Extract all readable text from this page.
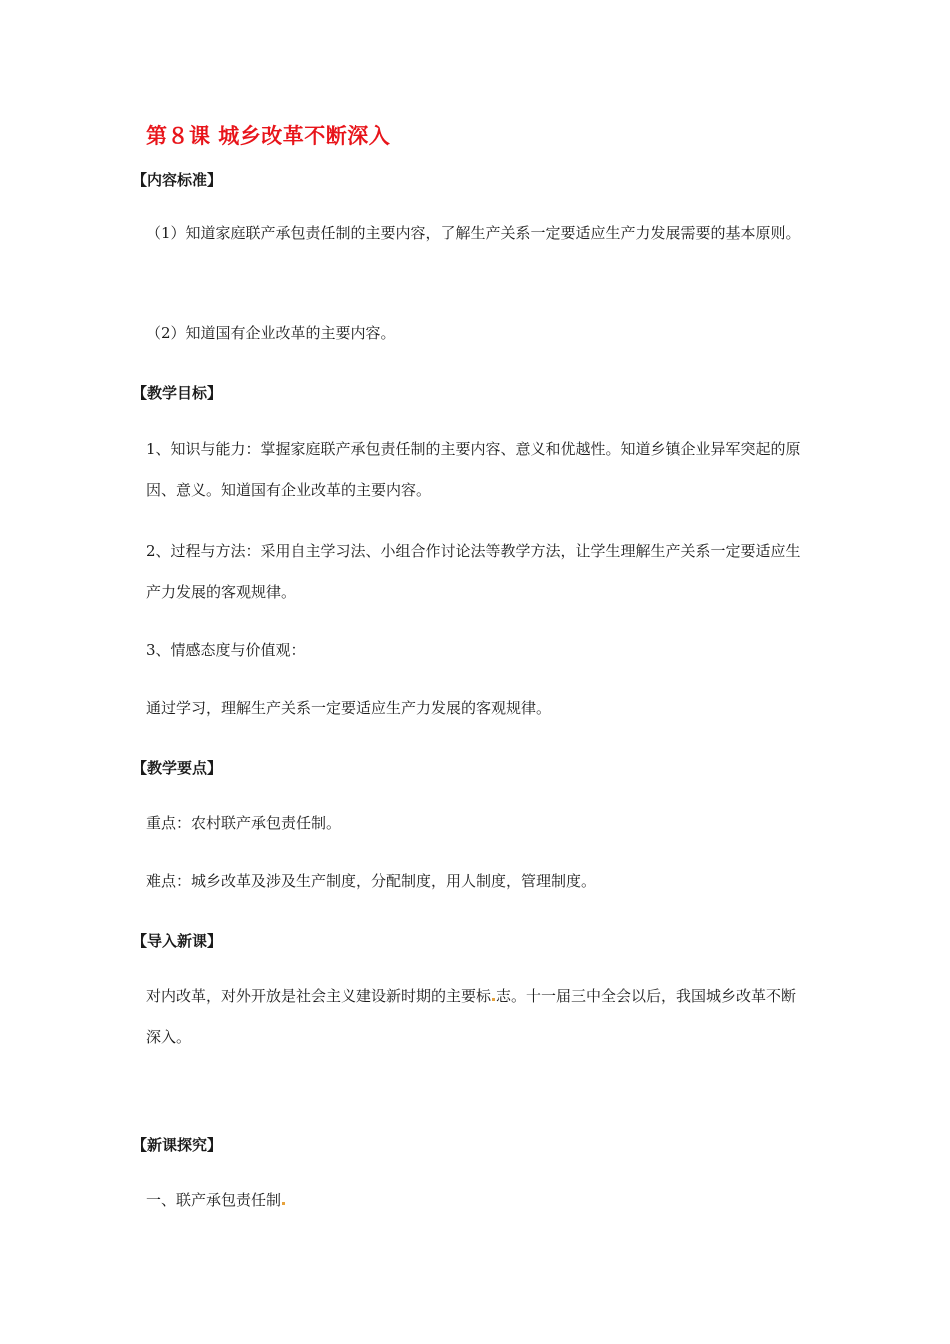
第８课 城乡改革不断深入
【内容标准】

（1）知道家庭联产承包责任制的主要内容，了解生产关系一定要适应生产力发展需要的基本原则。

（2）知道国有企业改革的主要内容。

【教学目标】

1、知识与能力：掌握家庭联产承包责任制的主要内容、意义和优越性。知道乡镇企业异军突起的原因、意义。知道国有企业改革的主要内容。

2、过程与方法：采用自主学习法、小组合作讨论法等教学方法，让学生理解生产关系一定要适应生产力发展的客观规律。

3、情感态度与价值观：

通过学习，理解生产关系一定要适应生产力发展的客观规律。

【教学要点】

重点：农村联产承包责任制。

难点：城乡改革及涉及生产制度，分配制度，用人制度，管理制度。

【导入新课】

对内改革，对外开放是社会主义建设新时期的主要标 志。十一届三中全会以后，我国城乡改革不断深入。

【新课探究】

一、联产承包责任制
